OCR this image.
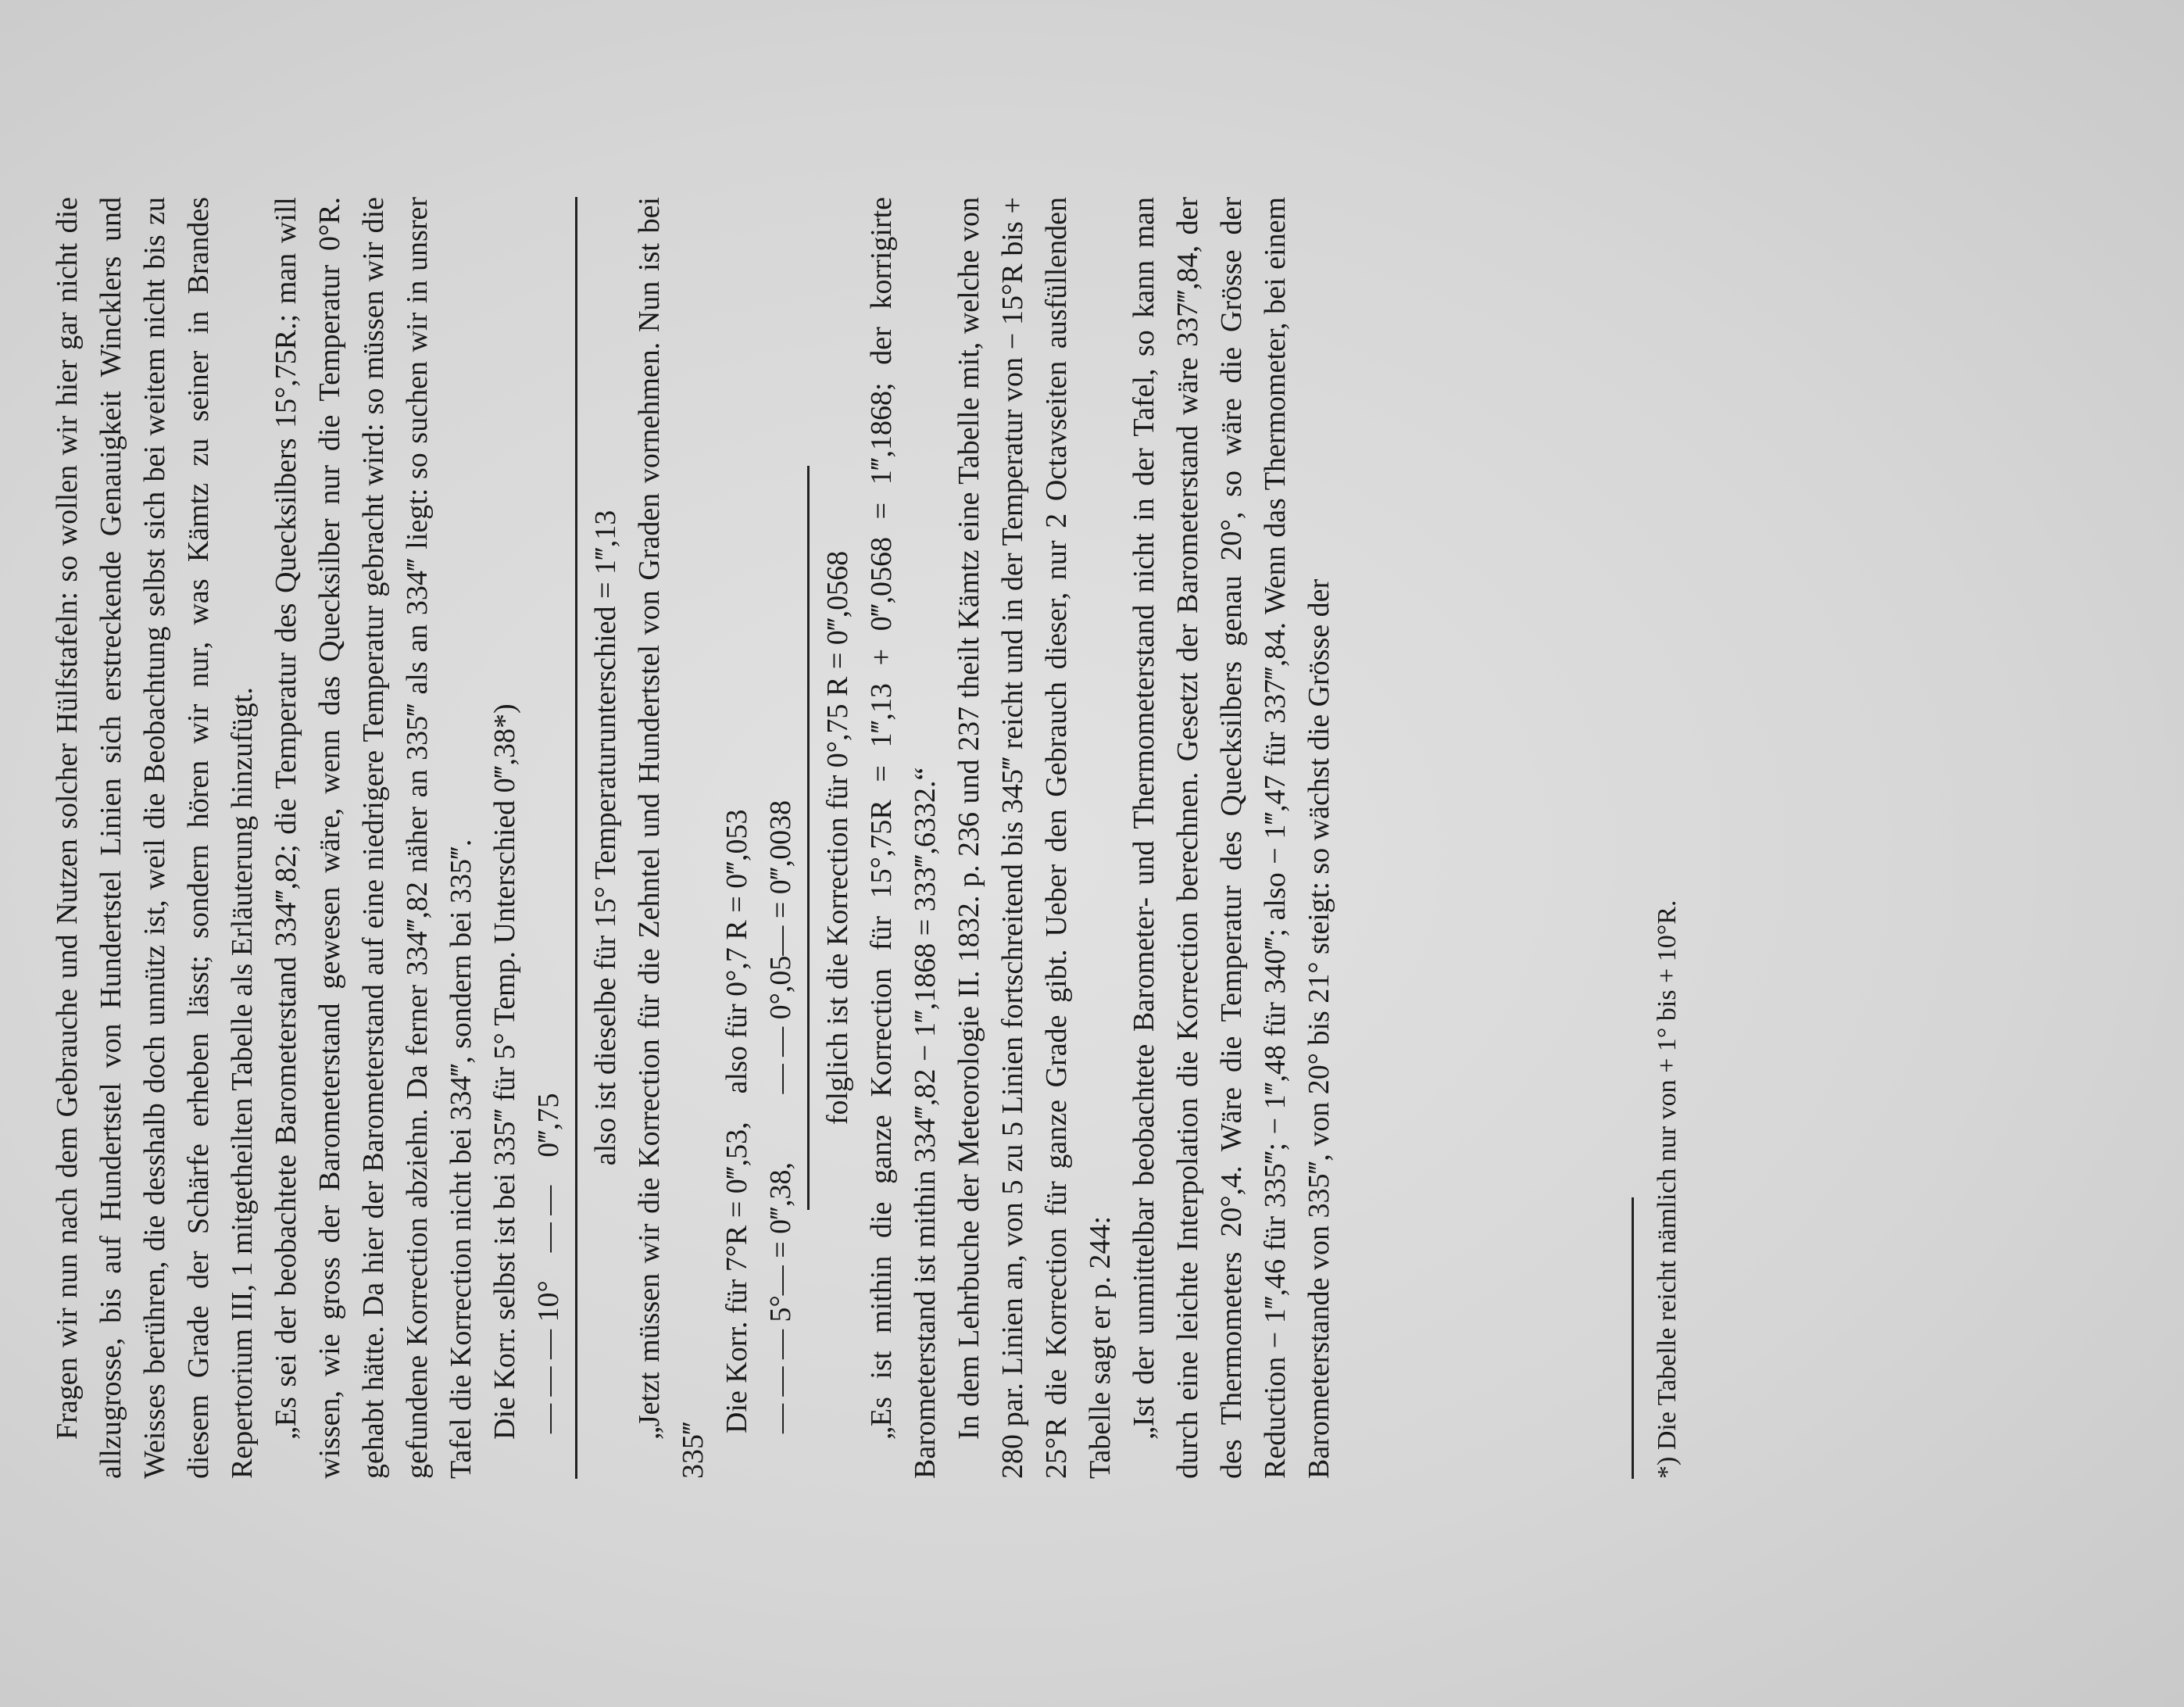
Fragen wir nun nach dem Gebrauche und Nutzen solcher Hülfstafeln: so wollen wir hier gar nicht die allzugrosse, bis auf Hundertstel von Hundertstel Linien sich erstreckende Genauigkeit Wincklers und Weisses berühren, die desshalb doch unnütz ist, weil die Beobachtung selbst sich bei weitem nicht bis zu diesem Grade der Schärfe erheben lässt; sondern hören wir nur, was Kämtz zu seiner in Brandes Repertorium III, 1 mitgetheilten Tabelle als Erläuterung hinzufügt. „Es sei der beobachtete Barometerstand 334‴,82; die Temperatur des Quecksilbers 15°,75R.; man will wissen, wie gross der Barometerstand gewesen wäre, wenn das Quecksilber nur die Temperatur 0°R. gehabt hätte. Da hier der Barometerstand auf eine niedrigere Temperatur gebracht wird: so müssen wir die gefundene Korrection abziehn. Da ferner 334‴,82 näher an 335‴ als an 334‴ liegt: so suchen wir in unsrer Tafel die Korrection nicht bei 334‴, sondern bei 335‴. Die Korr. selbst ist bei 335‴ für 5° Temp. Unterschied 0‴,38*) — — — 10°	— —	0‴,75 also ist dieselbe für 15° Temperaturunterschied = 1‴,13 „Jetzt müssen wir die Korrection für die Zehntel und Hundertstel von Graden vornehmen. Nun ist bei 335‴

Die Korr. für 7°R = 0‴,53,	also für 0°,7 R = 0‴,053
— — — 5°— = 0‴,38,	— — 0°,05— = 0‴,0038 folglich ist die Korrection für 0°,75 R = 0‴,0568 „Es ist mithin die ganze Korrection für 15°,75R = 1‴,13 + 0‴,0568 = 1‴,1868; der korrigirte Barometerstand ist mithin 334‴,82 − 1‴,1868 = 333‴,6332.“ In dem Lehrbuche der Meteorologie II. 1832. p. 236 und 237 theilt Kämtz eine Tabelle mit, welche von 280 par. Linien an, von 5 zu 5 Linien fortschreitend bis 345‴ reicht und in der Temperatur von − 15°R bis + 25°R die Korrection für ganze Grade gibt. Ueber den Gebrauch dieser, nur 2 Octavseiten ausfüllenden Tabelle sagt er p. 244: „Ist der unmittelbar beobachtete Barometer- und Thermometerstand nicht in der Tafel, so kann man durch eine leichte Interpolation die Korrection berechnen. Gesetzt der Barometerstand wäre 337‴,84, der des Thermometers 20°,4. Wäre die Temperatur des Quecksilbers genau 20°, so wäre die Grösse der Reduction − 1‴,46 für 335‴; − 1‴,48 für 340‴; also − 1‴,47 für 337‴,84. Wenn das Thermometer, bei einem Barometerstande von 335‴, von 20° bis 21° steigt: so wächst die Grösse der	*) Die Tabelle reicht nämlich nur von + 1° bis + 10°R.
